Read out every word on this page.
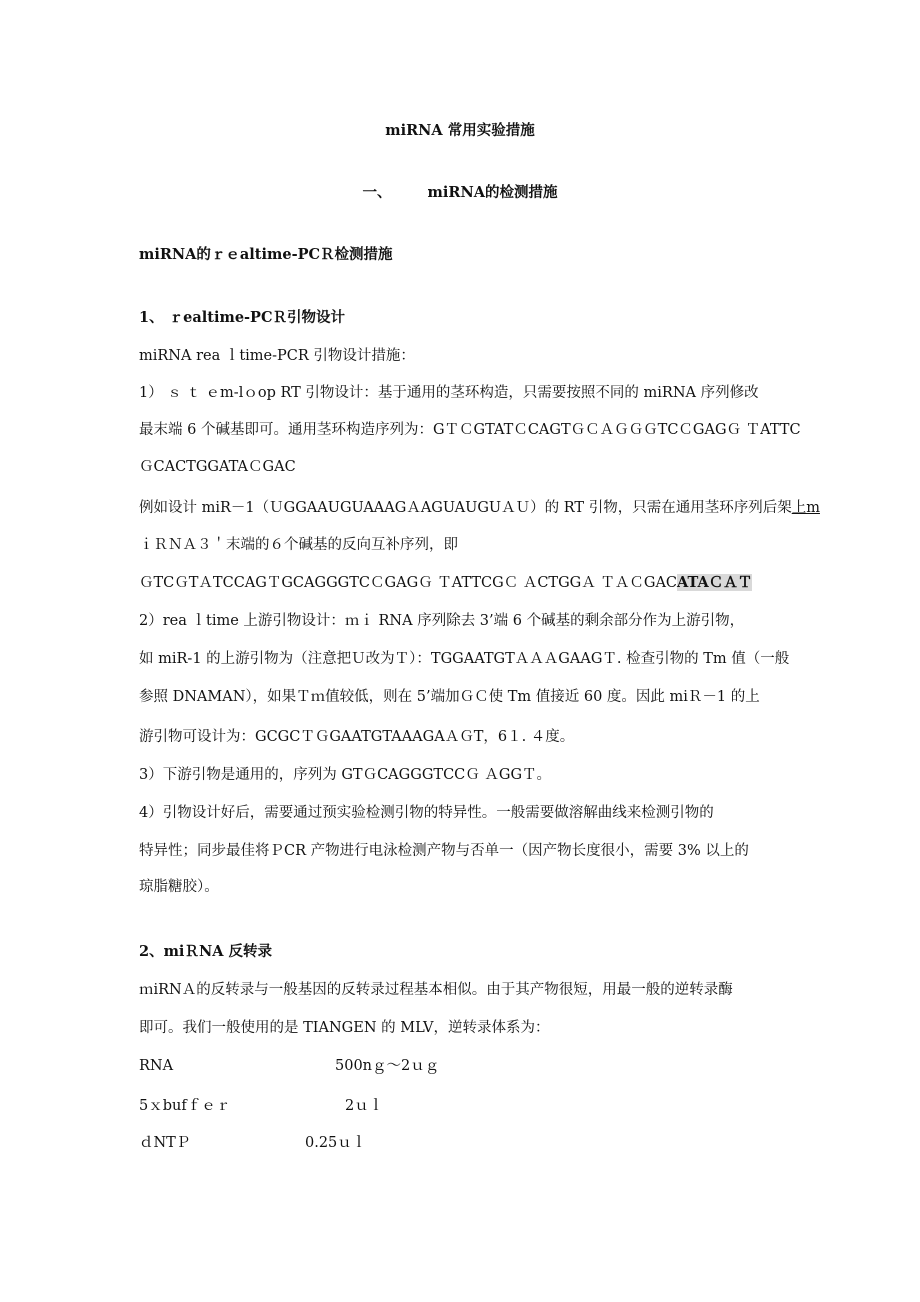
miRNA 常用实验措施
一、 miRNA的检测措施
miRNA的ｒｅaltime-PCＲ检测措施
1、 ｒealtime-PCＲ引物设计
miRNA rea ｌtime-PCR 引物设计措施：
1） ｓ ｔ ｅm-lｏop RT 引物设计：基于通用的茎环构造，只需要按照不同的 miRNA 序列修改
最末端 6 个碱基即可。通用茎环构造序列为：GＴＣGTATＣCAGTＧＣＡＧＧＧTCＣGAGＧ ＴATTC
ＧCACTGGATAＣGAC
例如设计 miR－1（ＵGGAAUGUAAAGＡAGUAUGUＡＵ）的 RT 引物，只需在通用茎环序列后架上m
ｉＲＮＡ３＇末端的６个碱基的反向互补序列，即
ＧTCＧTＡTCCAGＴGCAGGGTCＣGAGＧ ＴATTCGＣ ＡCTGGＡ ＴＡＣGACATAＣＡＴ
2）rea ｌtime 上游引物设计：ｍｉ RNA 序列除去 3’端 6 个碱基的剩余部分作为上游引物，
如 miR-1 的上游引物为（注意把Ｕ改为Ｔ）：TGGAATGTＡＡＡGAAGＴ. 检查引物的 Tm 值（一般
参照 DNAMAN），如果Ｔｍ值较低，则在 5’端加ＧＣ使 Tm 值接近 60 度。因此 miＲ－1 的上
游引物可设计为：GCGCＴＧGAATGTAAAGAＡＧT，6１. ４度。
3）下游引物是通用的，序列为 GTＧCAGGGTCCＧ ＡGGＴ。
4）引物设计好后，需要通过预实验检测引物的特异性。一般需要做溶解曲线来检测引物的
特异性；同步最佳将ＰCR 产物进行电泳检测产物与否单一（因产物长度很小，需要 3% 以上的
琼脂糖胶）。
2、miＲNA 反转录
ｍiRNＡ的反转录与一般基因的反转录过程基本相似。由于其产物很短，用最一般的逆转录酶
即可。我们一般使用的是 TIANGEN 的 MLV，逆转录体系为：
RNA	500nｇ～2ｕｇ
5ｘbufｆｅｒ	2ｕｌ
ｄNTＰ	0.25ｕｌ
